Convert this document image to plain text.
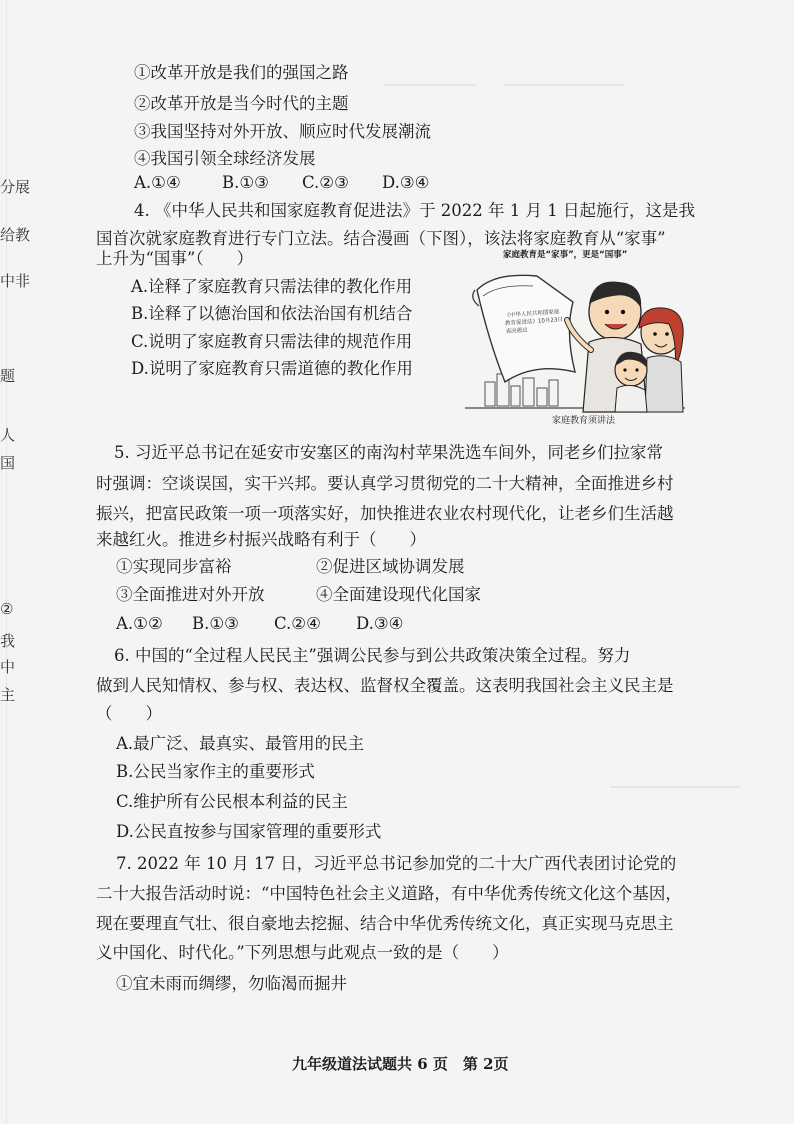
分展
给教
中非
题
人
国
②
我
中
主
①改革开放是我们的强国之路
②改革开放是当今时代的主题
③我国坚持对外开放、顺应时代发展潮流
④我国引领全球经济发展
A.①④	B.①③ C.②③ D.③④
4. 《中华人民共和国家庭教育促进法》于 2022 年 1 月 1 日起施行，这是我
国首次就家庭教育进行专门立法。结合漫画（下图），该法将家庭教育从“家事”
上升为“国事”（　　）
A.诠释了家庭教育只需法律的教化作用
B.诠释了以德治国和依法治国有机结合
C.说明了家庭教育只需法律的规范作用
D.说明了家庭教育只需道德的教化作用
家庭教育是“家事”，更是“国事”
《中华人民共和国家庭教育促进法》10月23日表决通过
家庭教育须讲法
5. 习近平总书记在延安市安塞区的南沟村苹果洗选车间外，同老乡们拉家常
时强调：空谈误国，实干兴邦。要认真学习贯彻党的二十大精神，全面推进乡村
振兴，把富民政策一项一项落实好，加快推进农业农村现代化，让老乡们生活越
来越红火。推进乡村振兴战略有利于（　　）
①实现同步富裕	②促进区域协调发展
③全面推进对外开放	④全面建设现代化国家
A.①② B.①③ C.②④ D.③④
6. 中国的“全过程人民民主”强调公民参与到公共政策决策全过程。努力
做到人民知情权、参与权、表达权、监督权全覆盖。这表明我国社会主义民主是
（　　）
A.最广泛、最真实、最管用的民主
B.公民当家作主的重要形式
C.维护所有公民根本利益的民主
D.公民直按参与国家管理的重要形式
7. 2022 年 10 月 17 日，习近平总书记参加党的二十大广西代表团讨论党的
二十大报告活动时说：“中国特色社会主义道路，有中华优秀传统文化这个基因，
现在要理直气壮、很自豪地去挖掘、结合中华优秀传统文化，真正实现马克思主
义中国化、时代化。”下列思想与此观点一致的是（　　）
①宜未雨而绸缪，勿临渴而掘井
九年级道法试题共 6 页　第 2页
